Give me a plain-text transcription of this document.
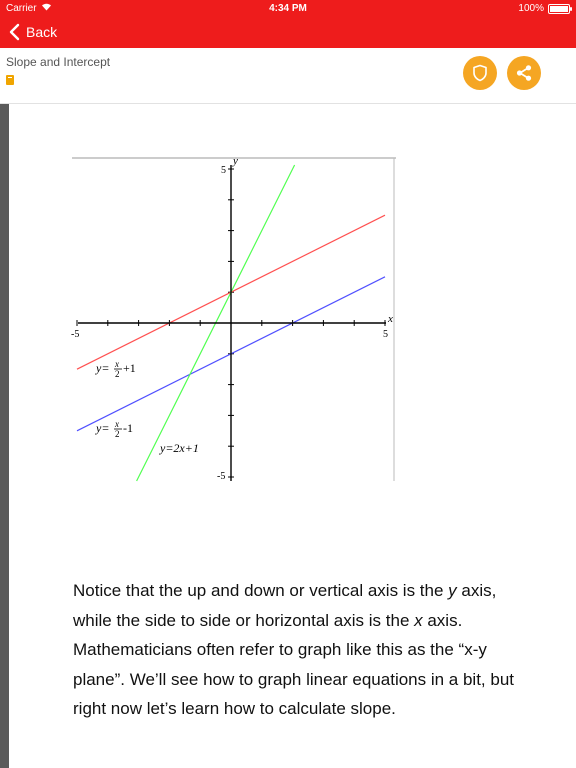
Carrier	4:34 PM	100%
Back
Slope and Intercept
x
y
-5	5
5
-5
y= x
2 +1
y= x
2 -1
y=2x+1
Notice that the up and down or vertical axis is the y axis, while the side to side or horizontal axis is the x axis. Mathematicians often refer to graph like this as the “x-y plane”. We’ll see how to graph linear equations in a bit, but right now let’s learn how to calculate slope.
